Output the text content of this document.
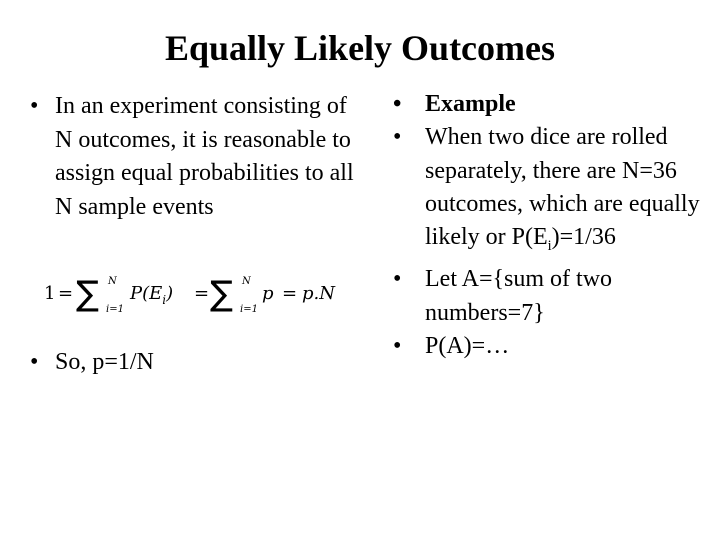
Equally Likely Outcomes
• In an experiment consisting of N outcomes, it is reasonable to assign equal probabilities to all N sample events
1 = ∑ N
i=1
$P(E_i)$ = ∑ N
i=1
p = p.N
• So, p=1/N
• Example
• When two dice are rolled separately, there are N=36 outcomes, which are equally likely or $P(E_i)=1/36$
• Let A={sum of two numbers=7}
• P(A)=…
